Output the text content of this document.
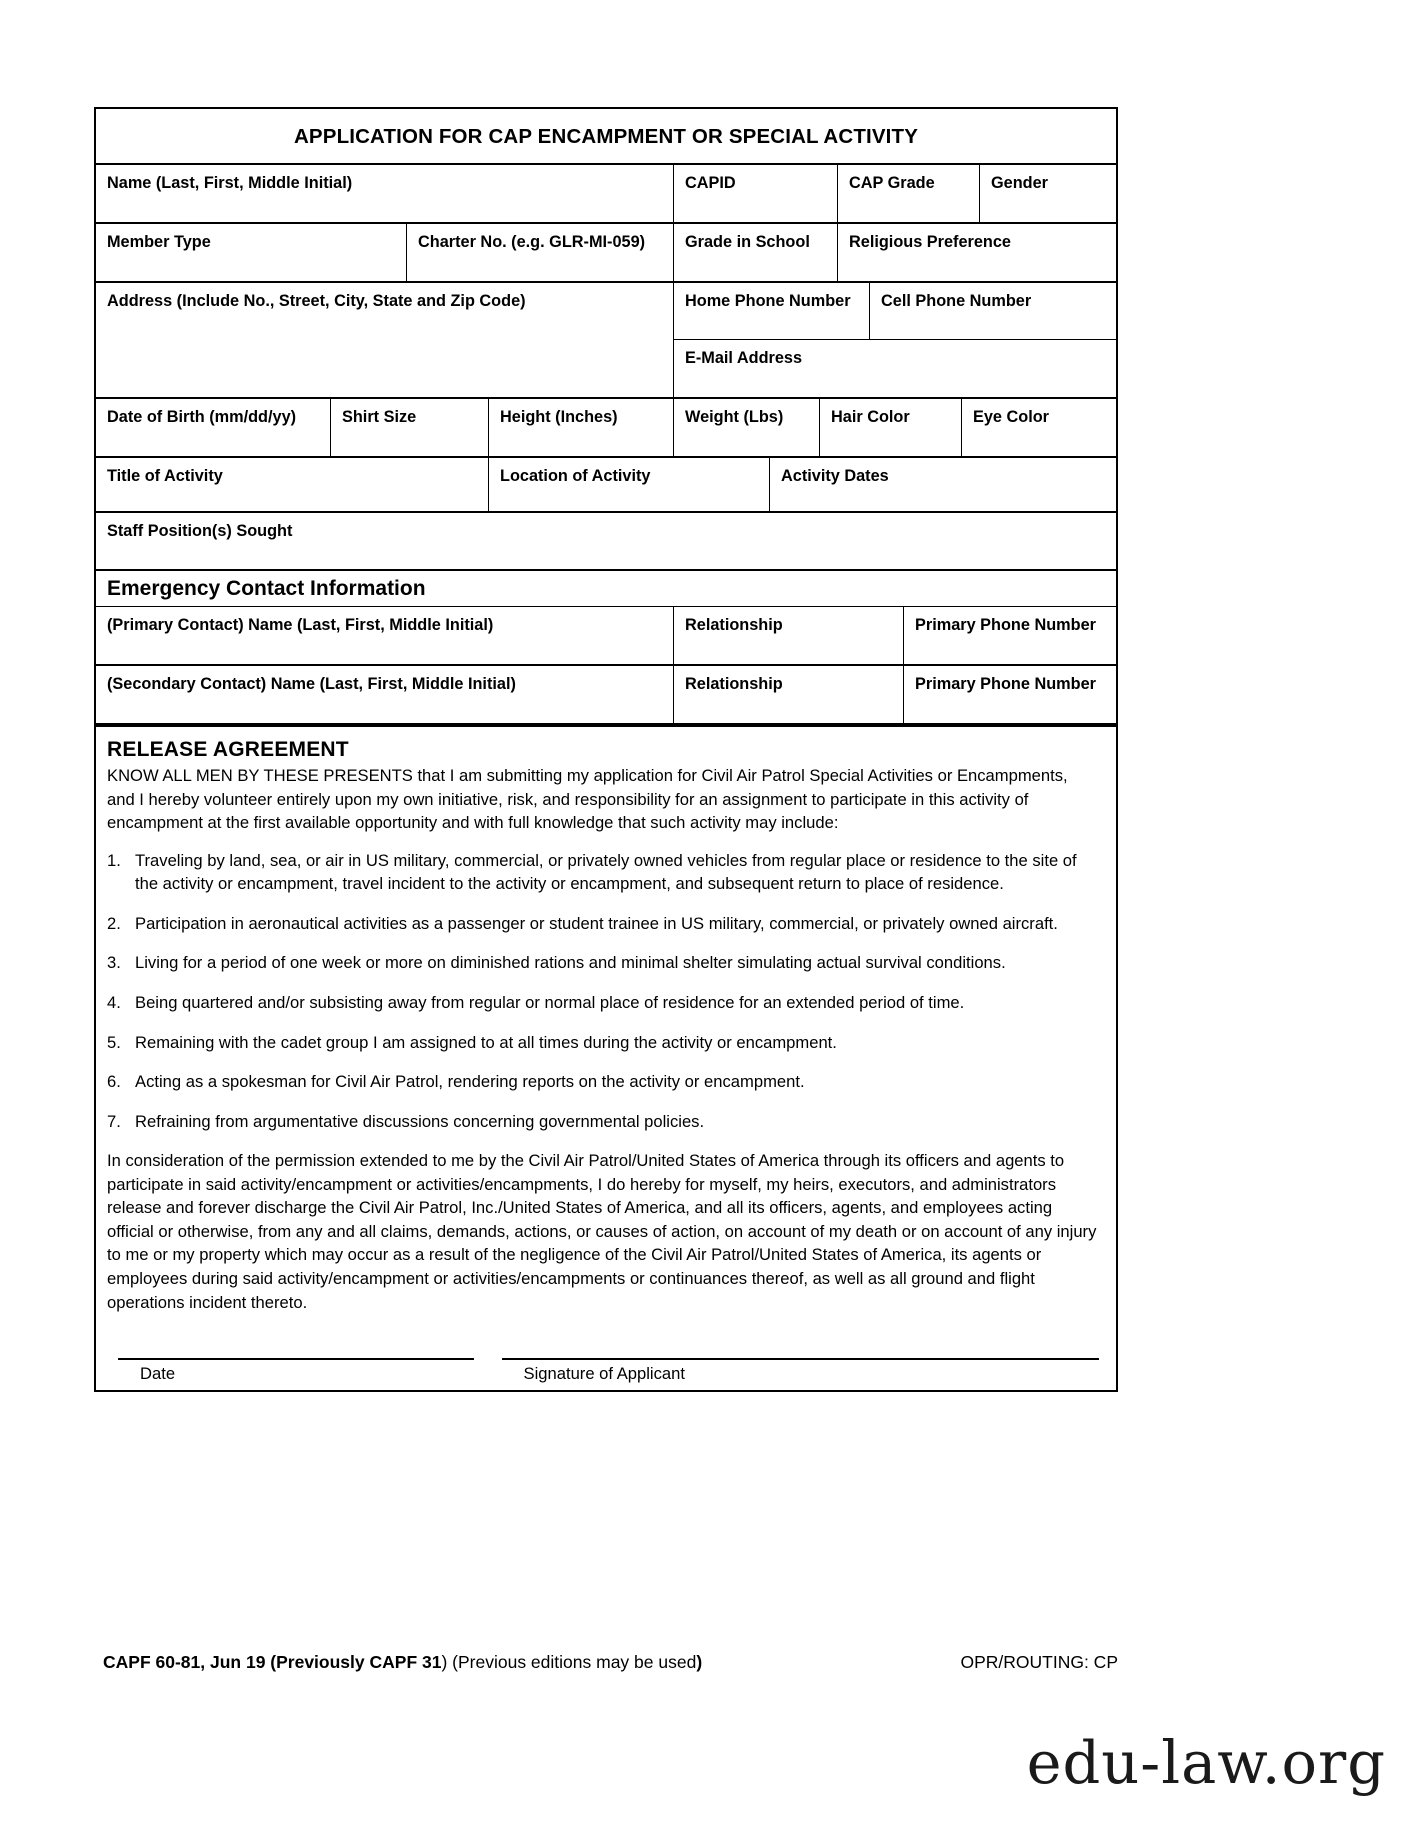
APPLICATION FOR CAP ENCAMPMENT OR SPECIAL ACTIVITY
Name (Last, First, Middle Initial)	CAPID	CAP Grade	Gender
Member Type	Charter No. (e.g. GLR-MI-059)	Grade in School	Religious Preference
Address (Include No., Street, City, State and Zip Code)	Home Phone Number	Cell Phone Number
E-Mail Address
Date of Birth (mm/dd/yy)	Shirt Size	Height (Inches)	Weight (Lbs)	Hair Color	Eye Color
Title of Activity	Location of Activity	Activity Dates
Staff Position(s) Sought
Emergency Contact Information
(Primary Contact) Name (Last, First, Middle Initial)	Relationship	Primary Phone Number
(Secondary Contact) Name (Last, First, Middle Initial)	Relationship	Primary Phone Number
RELEASE AGREEMENT

KNOW ALL MEN BY THESE PRESENTS that I am submitting my application for Civil Air Patrol Special Activities or Encampments, and I hereby volunteer entirely upon my own initiative, risk, and responsibility for an assignment to participate in this activity of encampment at the first available opportunity and with full knowledge that such activity may include:

1. Traveling by land, sea, or air in US military, commercial, or privately owned vehicles from regular place or residence to the site of the activity or encampment, travel incident to the activity or encampment, and subsequent return to place of residence.
2. Participation in aeronautical activities as a passenger or student trainee in US military, commercial, or privately owned aircraft.
3. Living for a period of one week or more on diminished rations and minimal shelter simulating actual survival conditions.
4. Being quartered and/or subsisting away from regular or normal place of residence for an extended period of time.
5. Remaining with the cadet group I am assigned to at all times during the activity or encampment.
6. Acting as a spokesman for Civil Air Patrol, rendering reports on the activity or encampment.
7. Refraining from argumentative discussions concerning governmental policies.

In consideration of the permission extended to me by the Civil Air Patrol/United States of America through its officers and agents to participate in said activity/encampment or activities/encampments, I do hereby for myself, my heirs, executors, and administrators release and forever discharge the Civil Air Patrol, Inc./United States of America, and all its officers, agents, and employees acting official or otherwise, from any and all claims, demands, actions, or causes of action, on account of my death or on account of any injury to me or my property which may occur as a result of the negligence of the Civil Air Patrol/United States of America, its agents or employees during said activity/encampment or activities/encampments or continuances thereof, as well as all ground and flight operations incident thereto.

Date	Signature of Applicant
CAPF 60-81, Jun 19 (Previously CAPF 31) (Previous editions may be used)	OPR/ROUTING: CP
edu-law.org
